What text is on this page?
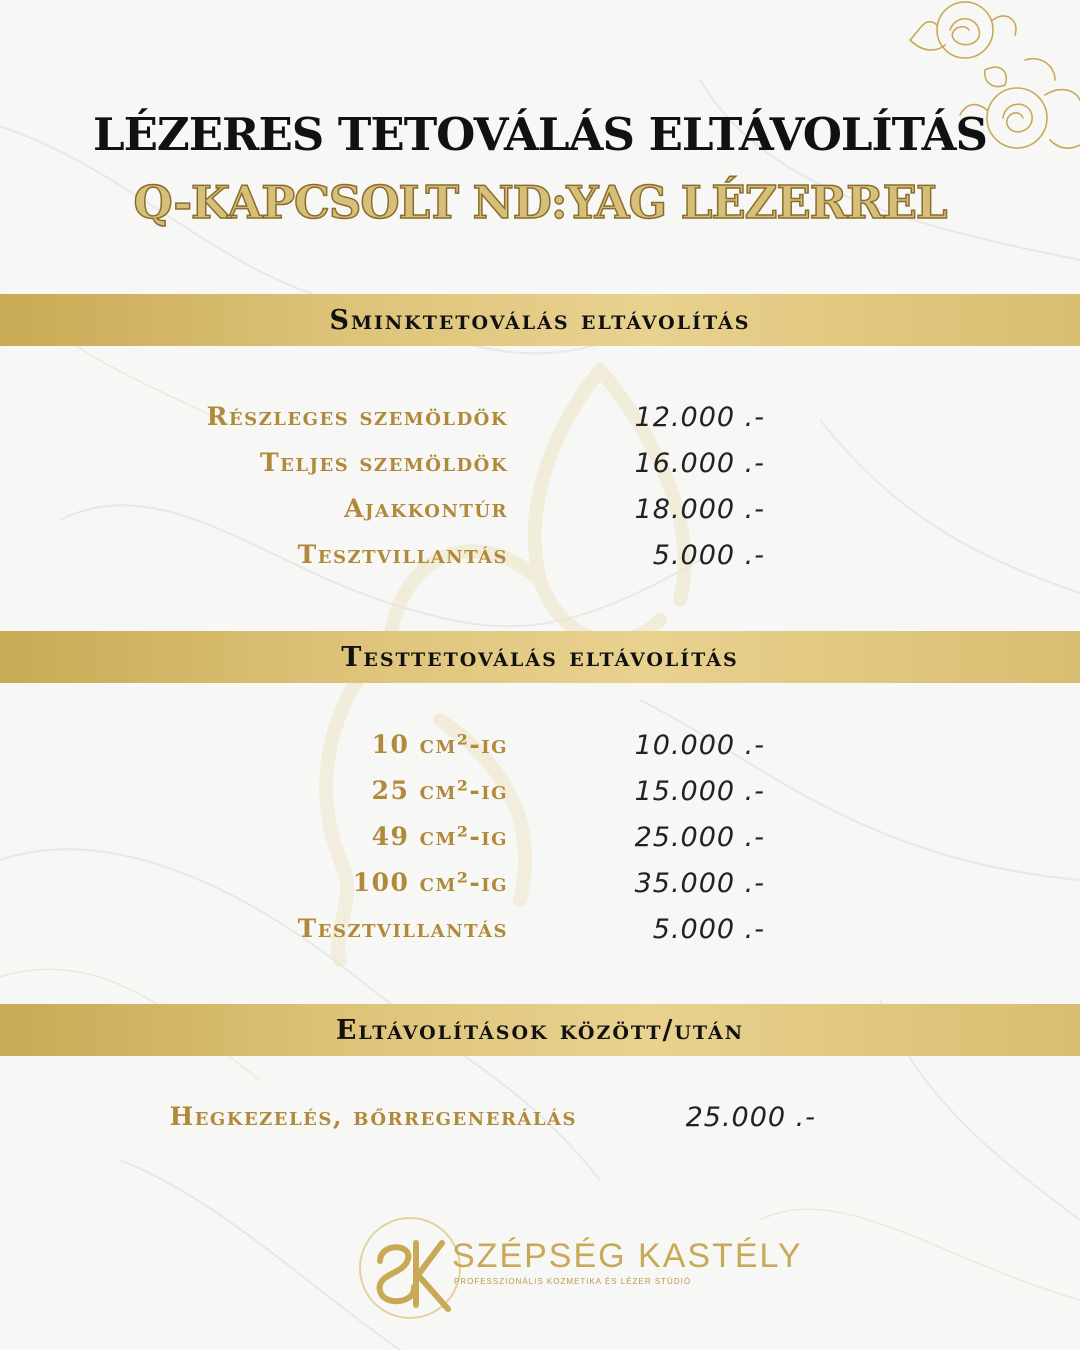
LÉZERES TETOVÁLÁS ELTÁVOLÍTÁS
Q-KAPCSOLT ND:YAG LÉZERREL
Sminktetoválás eltávolítás
Részleges szemöldök	12.000 .-
Teljes szemöldök	16.000 .-
Ajakkontúr	18.000 .-
Tesztvillantás	5.000 .-
Testtetoválás eltávolítás
10 cm²-ig	10.000 .-
25 cm²-ig	15.000 .-
49 cm²-ig	25.000 .-
100 cm²-ig	35.000 .-
Tesztvillantás	5.000 .-
Eltávolítások között/után
Hegkezelés, bőrregenerálás	25.000 .-
SZÉPSÉG KASTÉLY
PROFESSZIONÁLIS KOZMETIKA ÉS LÉZER STÚDIÓ
